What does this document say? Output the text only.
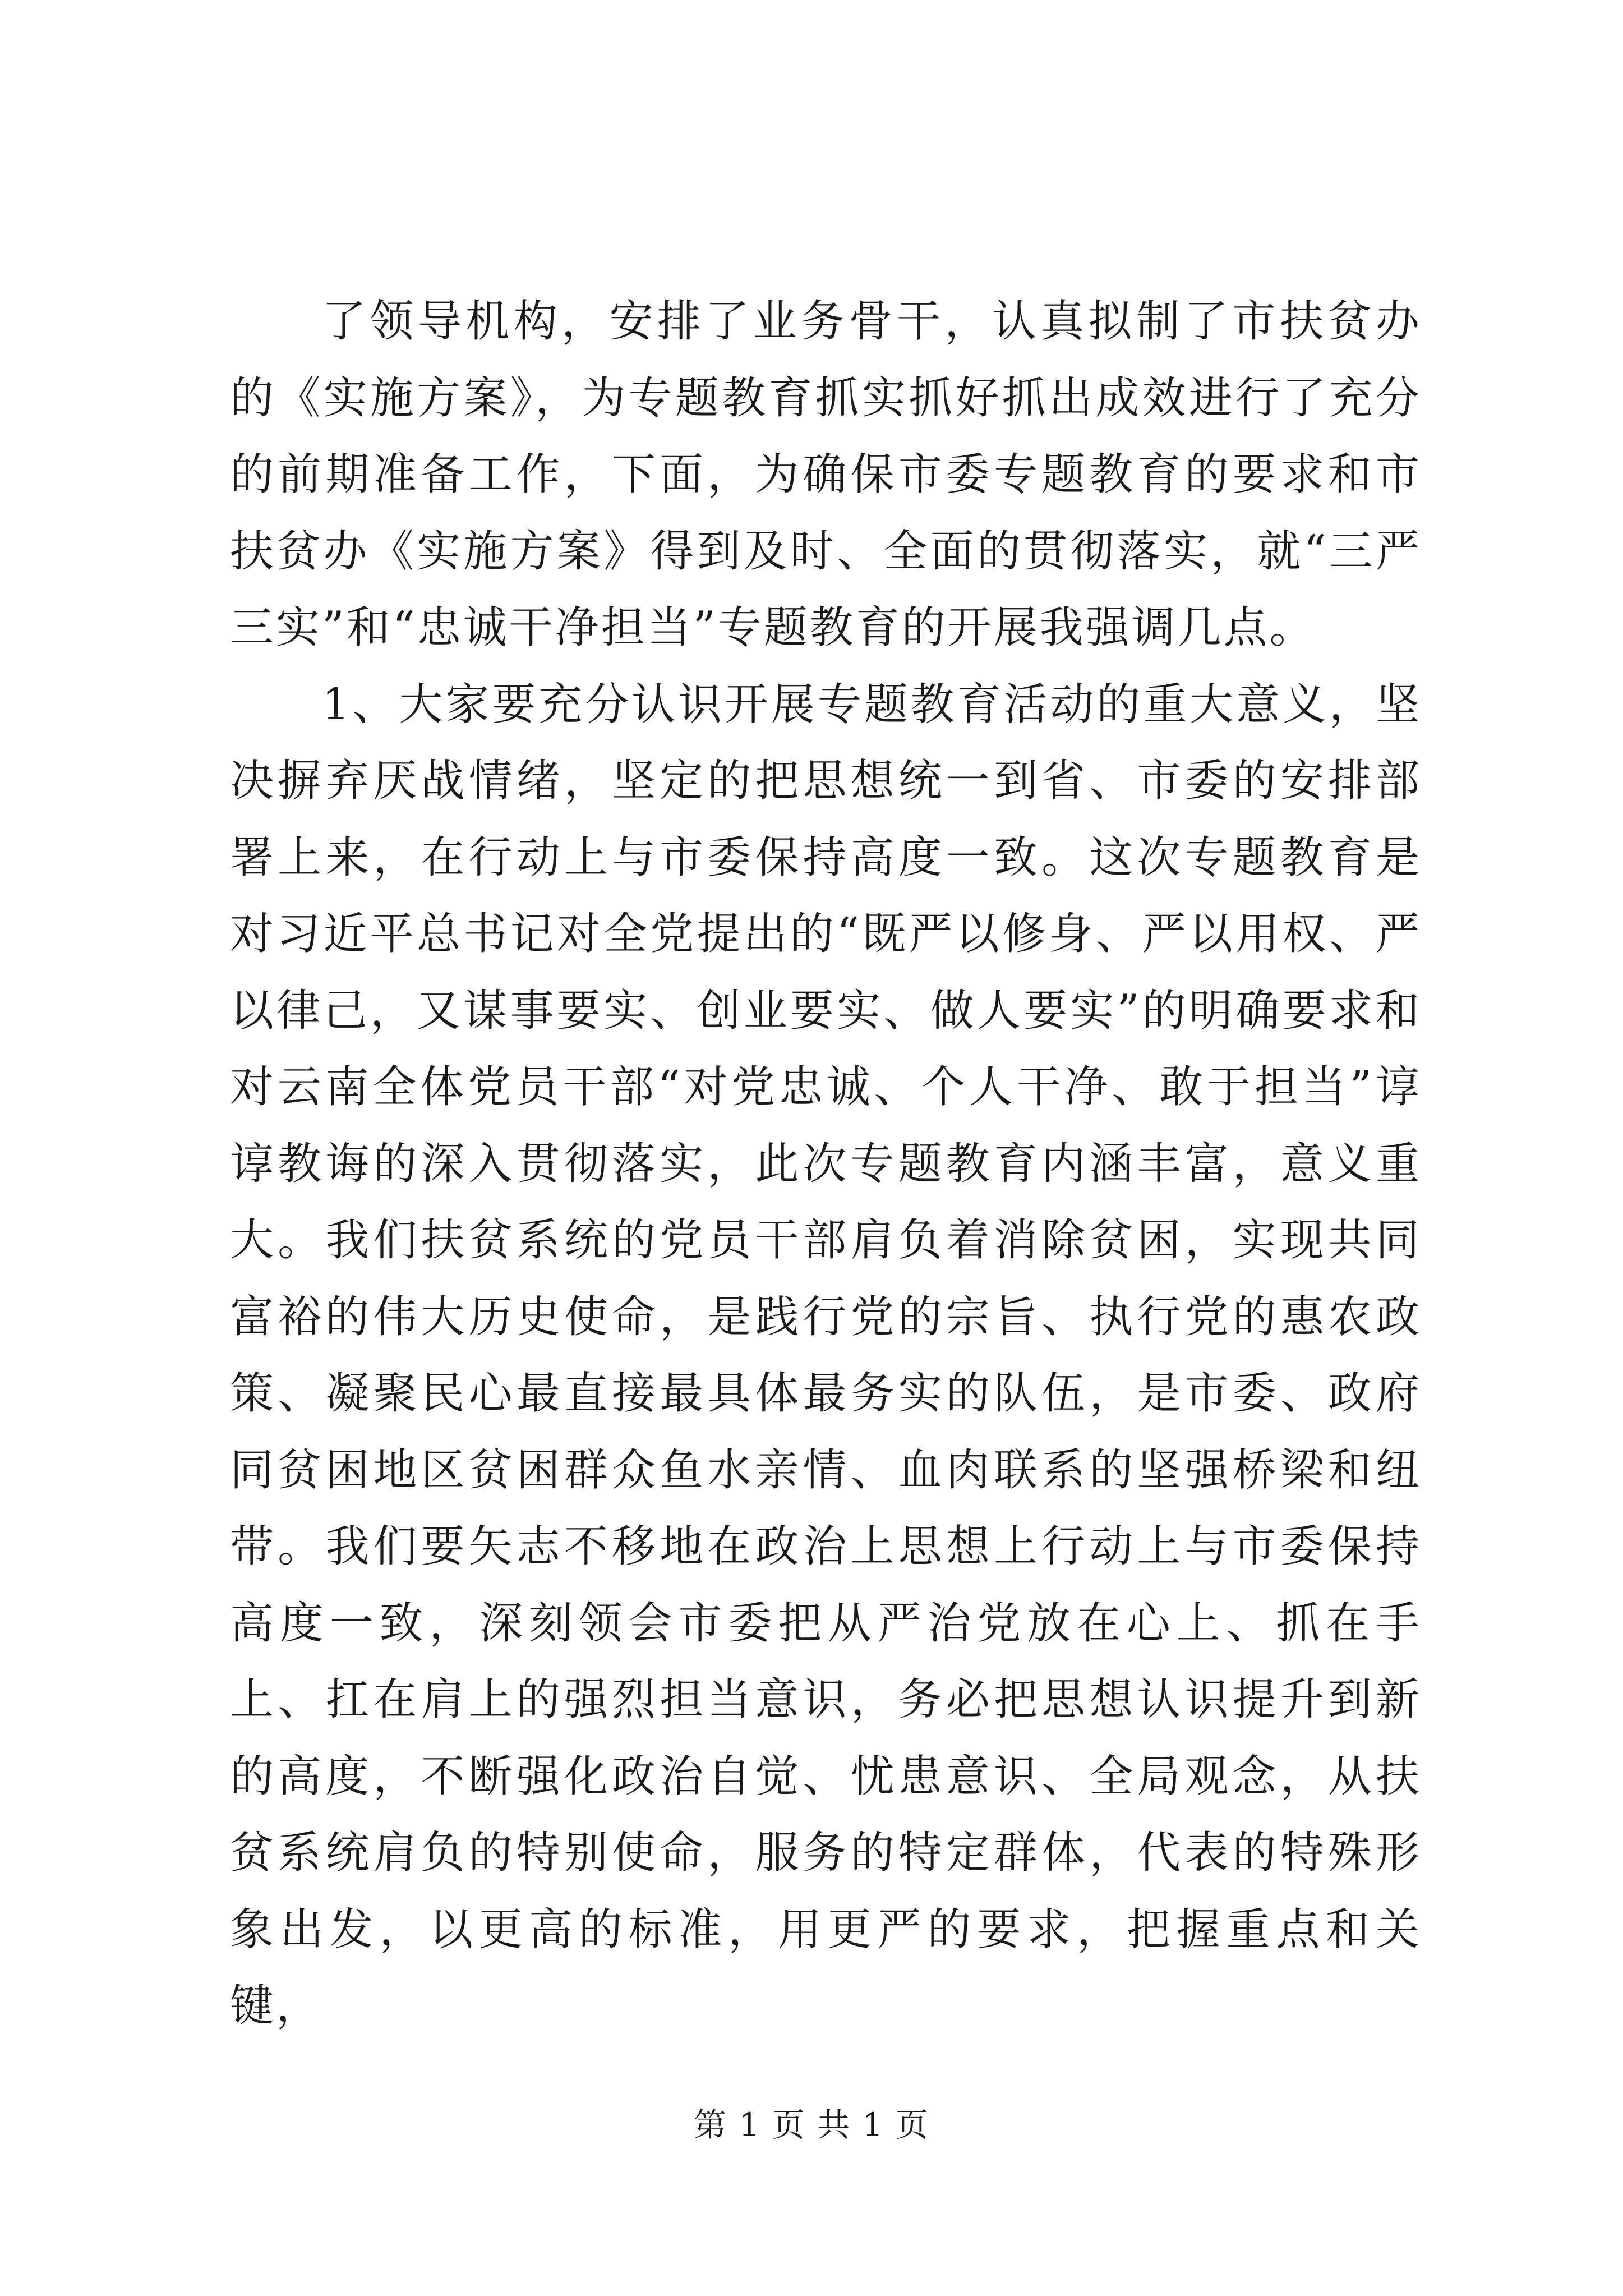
了领导机构，安排了业务骨干，认真拟制了市扶贫办的《实施方案》，为专题教育抓实抓好抓出成效进行了充分的前期准备工作，下面，为确保市委专题教育的要求和市扶贫办《实施方案》得到及时、全面的贯彻落实，就“三严三实”和“忠诚干净担当”专题教育的开展我强调几点。

1、大家要充分认识开展专题教育活动的重大意义，坚决摒弃厌战情绪，坚定的把思想统一到省、市委的安排部署上来，在行动上与市委保持高度一致。这次专题教育是对习近平总书记对全党提出的“既严以修身、严以用权、严以律己，又谋事要实、创业要实、做人要实”的明确要求和对云南全体党员干部“对党忠诚、个人干净、敢于担当”谆谆教诲的深入贯彻落实，此次专题教育内涵丰富，意义重大。我们扶贫系统的党员干部肩负着消除贫困，实现共同富裕的伟大历史使命，是践行党的宗旨、执行党的惠农政策、凝聚民心最直接最具体最务实的队伍，是市委、政府同贫困地区贫困群众鱼水亲情、血肉联系的坚强桥梁和纽带。我们要矢志不移地在政治上思想上行动上与市委保持高度一致，深刻领会市委把从严治党放在心上、抓在手上、扛在肩上的强烈担当意识，务必把思想认识提升到新的高度，不断强化政治自觉、忧患意识、全局观念，从扶贫系统肩负的特别使命，服务的特定群体，代表的特殊形象出发，以更高的标准，用更严的要求，把握重点和关键，

第 1 页 共 1 页
